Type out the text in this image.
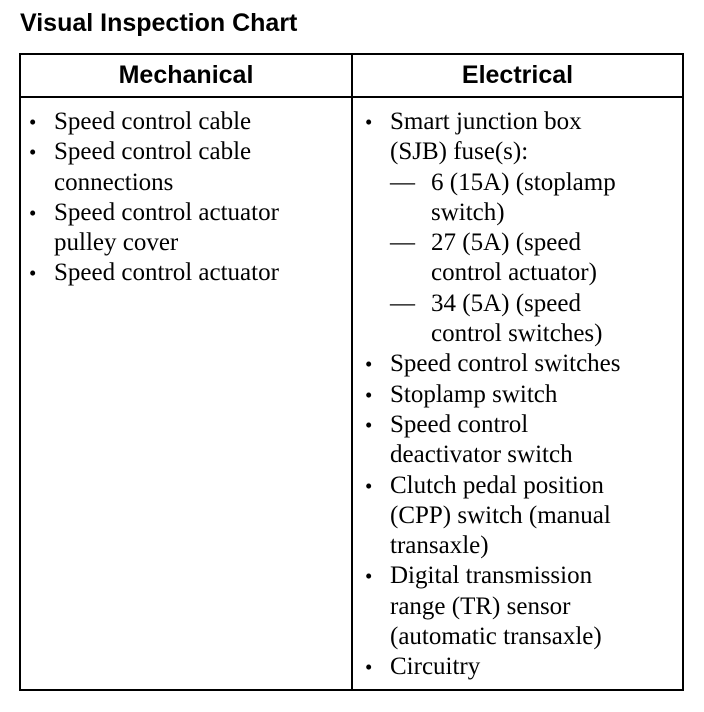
Visual Inspection Chart
Mechanical	Electrical
• Speed control cable
• Speed control cable
connections
• Speed control actuator
pulley cover
• Speed control actuator
• Smart junction box
(SJB) fuse(s):
— 6 (15A) (stoplamp
switch)
— 27 (5A) (speed
control actuator)
— 34 (5A) (speed
control switches)
• Speed control switches
• Stoplamp switch
• Speed control
deactivator switch
• Clutch pedal position
(CPP) switch (manual
transaxle)
• Digital transmission
range (TR) sensor
(automatic transaxle)
• Circuitry
